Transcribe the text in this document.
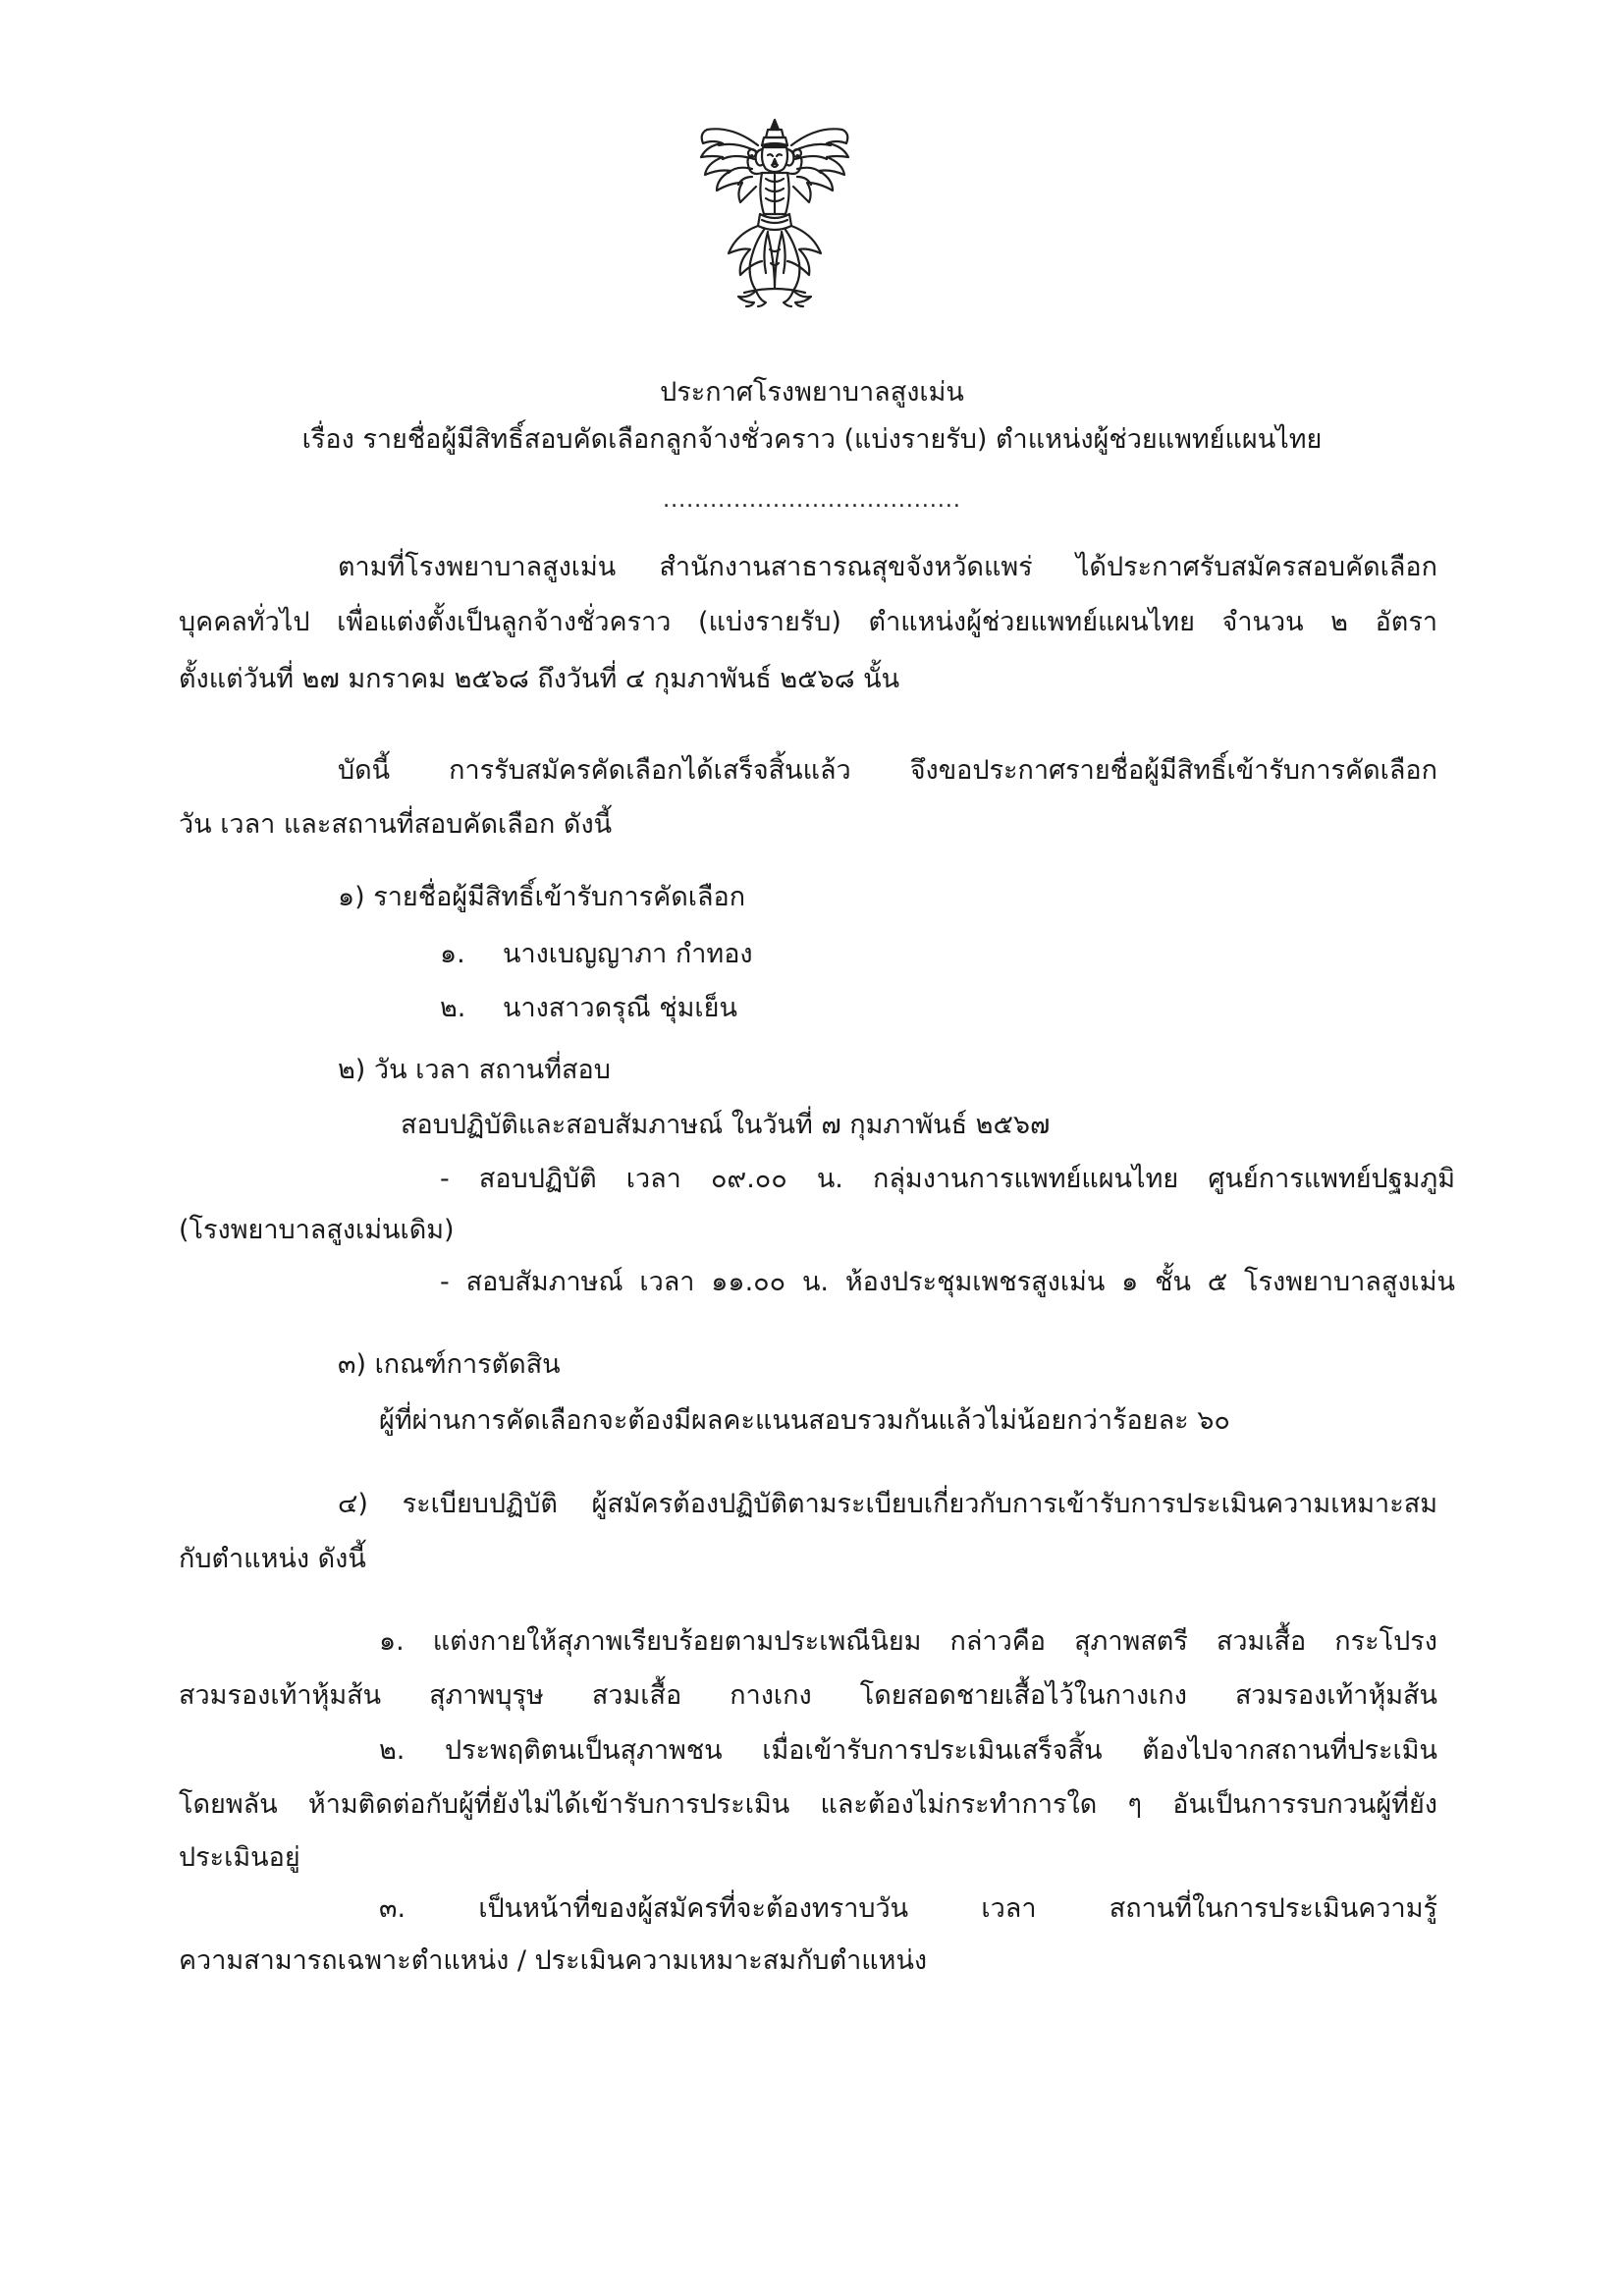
ประกาศโรงพยาบาลสูงเม่น
เรื่อง รายชื่อผู้มีสิทธิ์สอบคัดเลือกลูกจ้างชั่วคราว (แบ่งรายรับ) ตำแหน่งผู้ช่วยแพทย์แผนไทย
......................................
ตามที่โรงพยาบาลสูงเม่น สำนักงานสาธารณสุขจังหวัดแพร่ ได้ประกาศรับสมัครสอบคัดเลือก
บุคคลทั่วไป เพื่อแต่งตั้งเป็นลูกจ้างชั่วคราว (แบ่งรายรับ) ตำแหน่งผู้ช่วยแพทย์แผนไทย จำนวน ๒ อัตรา
ตั้งแต่วันที่ ๒๗ มกราคม ๒๕๖๘ ถึงวันที่ ๔ กุมภาพันธ์ ๒๕๖๘ นั้น
บัดนี้ การรับสมัครคัดเลือกได้เสร็จสิ้นแล้ว จึงขอประกาศรายชื่อผู้มีสิทธิ์เข้ารับการคัดเลือก
วัน เวลา และสถานที่สอบคัดเลือก ดังนี้
๑) รายชื่อผู้มีสิทธิ์เข้ารับการคัดเลือก
๑. นางเบญญาภา กำทอง
๒. นางสาวดรุณี ชุ่มเย็น
๒) วัน เวลา สถานที่สอบ
สอบปฏิบัติและสอบสัมภาษณ์ ในวันที่ ๗ กุมภาพันธ์ ๒๕๖๗
- สอบปฏิบัติ เวลา ๐๙.๐๐ น. กลุ่มงานการแพทย์แผนไทย ศูนย์การแพทย์ปฐมภูมิ
(โรงพยาบาลสูงเม่นเดิม)
- สอบสัมภาษณ์ เวลา ๑๑.๐๐ น. ห้องประชุมเพชรสูงเม่น ๑ ชั้น ๕ โรงพยาบาลสูงเม่น
๓) เกณฑ์การตัดสิน
ผู้ที่ผ่านการคัดเลือกจะต้องมีผลคะแนนสอบรวมกันแล้วไม่น้อยกว่าร้อยละ ๖๐
๔) ระเบียบปฏิบัติ ผู้สมัครต้องปฏิบัติตามระเบียบเกี่ยวกับการเข้ารับการประเมินความเหมาะสม
กับตำแหน่ง ดังนี้
๑. แต่งกายให้สุภาพเรียบร้อยตามประเพณีนิยม กล่าวคือ สุภาพสตรี สวมเสื้อ กระโปรง
สวมรองเท้าหุ้มส้น สุภาพบุรุษ สวมเสื้อ กางเกง โดยสอดชายเสื้อไว้ในกางเกง สวมรองเท้าหุ้มส้น
๒. ประพฤติตนเป็นสุภาพชน เมื่อเข้ารับการประเมินเสร็จสิ้น ต้องไปจากสถานที่ประเมิน
โดยพลัน ห้ามติดต่อกับผู้ที่ยังไม่ได้เข้ารับการประเมิน และต้องไม่กระทำการใด ๆ อันเป็นการรบกวนผู้ที่ยัง
ประเมินอยู่
๓. เป็นหน้าที่ของผู้สมัครที่จะต้องทราบวัน เวลา สถานที่ในการประเมินความรู้
ความสามารถเฉพาะตำแหน่ง / ประเมินความเหมาะสมกับตำแหน่ง
